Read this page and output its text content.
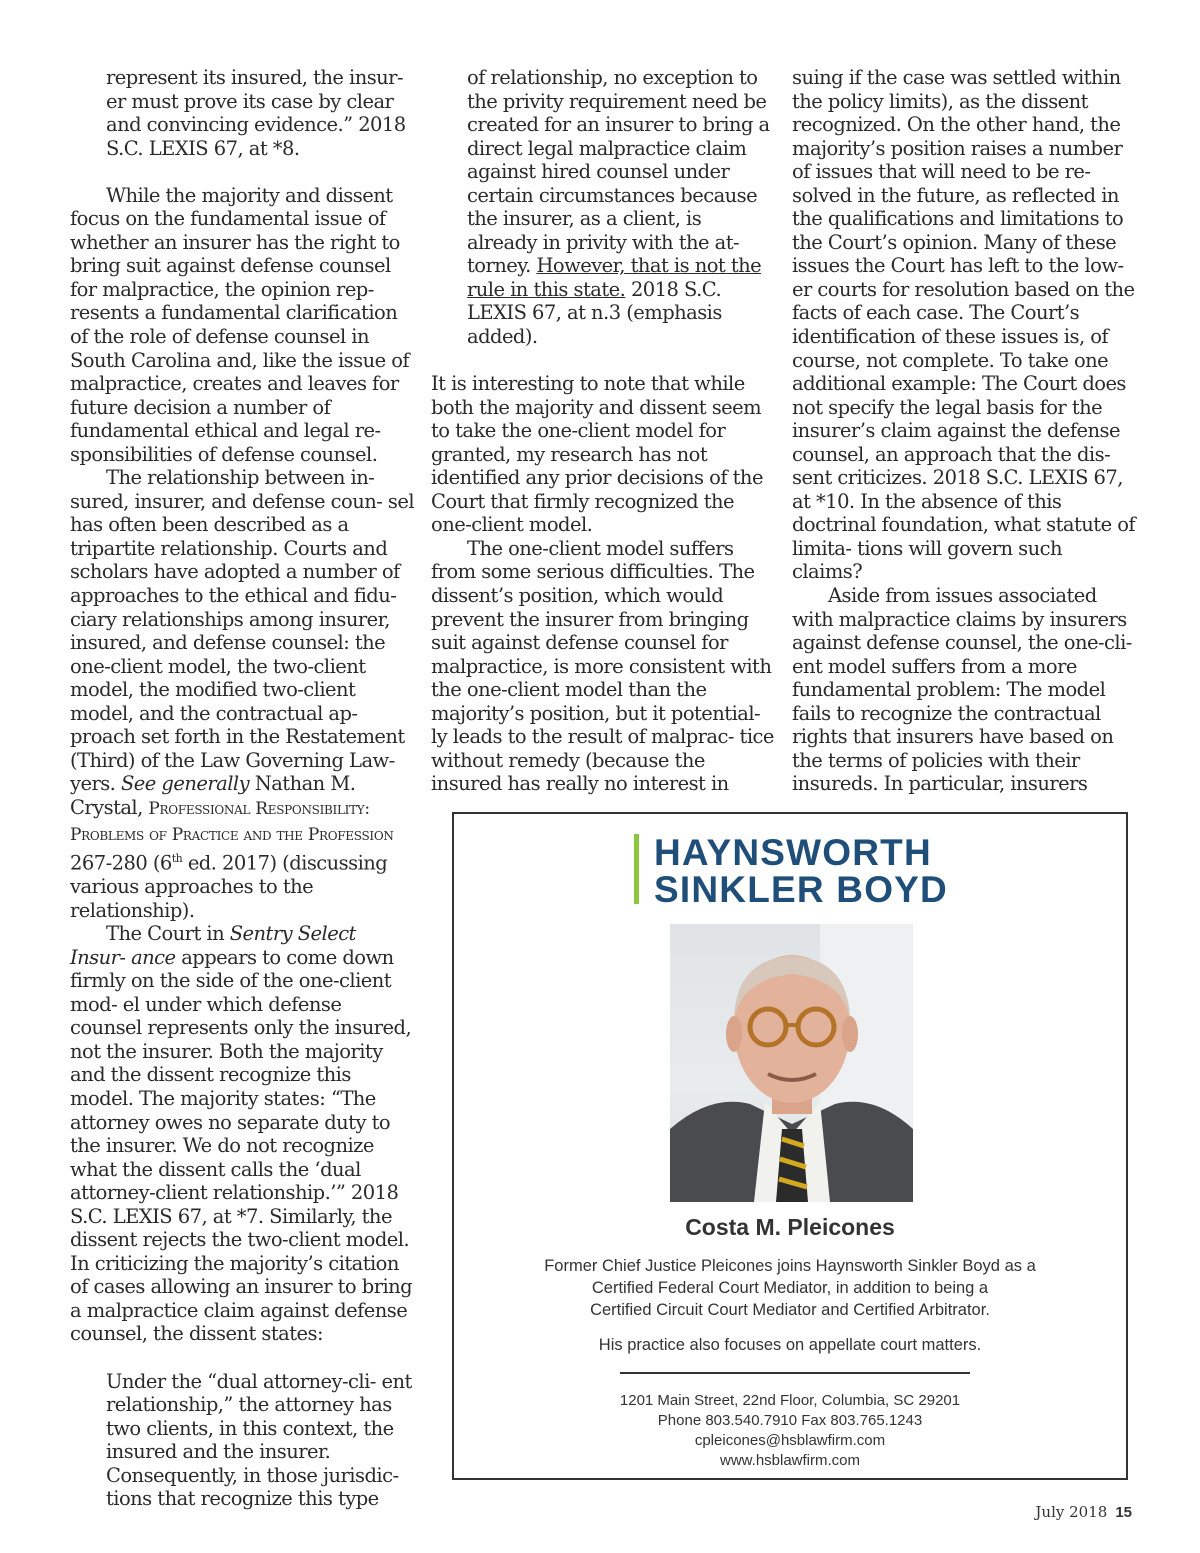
represent its insured, the insur- er must prove its case by clear and convincing evidence.” 2018 S.C. LEXIS 67, at *8.

While the majority and dissent focus on the fundamental issue of whether an insurer has the right to bring suit against defense counsel for malpractice, the opinion rep- resents a fundamental clarification of the role of defense counsel in South Carolina and, like the issue of malpractice, creates and leaves for future decision a number of fundamental ethical and legal re- sponsibilities of defense counsel.

The relationship between in- sured, insurer, and defense coun- sel has often been described as a tripartite relationship. Courts and scholars have adopted a number of approaches to the ethical and fidu- ciary relationships among insurer, insured, and defense counsel: the one-client model, the two-client model, the modified two-client model, and the contractual ap- proach set forth in the Restatement (Third) of the Law Governing Law- yers. See generally Nathan M. Crystal, Professional Responsibility: Problems of Practice and the Profession 267-280 (6th ed. 2017) (discussing various approaches to the relationship).

The Court in Sentry Select Insur- ance appears to come down firmly on the side of the one-client mod- el under which defense counsel represents only the insured, not the insurer. Both the majority and the dissent recognize this model. The majority states: “The attorney owes no separate duty to the insurer. We do not recognize what the dissent calls the ‘dual attorney-client relationship.’” 2018 S.C. LEXIS 67, at *7. Similarly, the dissent rejects the two-client model. In criticizing the majority’s citation of cases allowing an insurer to bring a malpractice claim against defense counsel, the dissent states:

Under the “dual attorney-cli- ent relationship,” the attorney has two clients, in this context, the insured and the insurer. Consequently, in those jurisdic- tions that recognize this type

of relationship, no exception to the privity requirement need be created for an insurer to bring a direct legal malpractice claim against hired counsel under certain circumstances because the insurer, as a client, is already in privity with the at- torney. However, that is not the rule in this state. 2018 S.C. LEXIS 67, at n.3 (emphasis added).

It is interesting to note that while both the majority and dissent seem to take the one-client model for granted, my research has not identified any prior decisions of the Court that firmly recognized the one-client model.

The one-client model suffers from some serious difficulties. The dissent’s position, which would prevent the insurer from bringing suit against defense counsel for malpractice, is more consistent with the one-client model than the majority’s position, but it potential- ly leads to the result of malprac- tice without remedy (because the insured has really no interest in

suing if the case was settled within the policy limits), as the dissent recognized. On the other hand, the majority’s position raises a number of issues that will need to be re- solved in the future, as reflected in the qualifications and limitations to the Court’s opinion. Many of these issues the Court has left to the low- er courts for resolution based on the facts of each case. The Court’s identification of these issues is, of course, not complete. To take one additional example: The Court does not specify the legal basis for the insurer’s claim against the defense counsel, an approach that the dis- sent criticizes. 2018 S.C. LEXIS 67, at *10. In the absence of this doctrinal foundation, what statute of limita- tions will govern such claims?

Aside from issues associated with malpractice claims by insurers against defense counsel, the one-cli- ent model suffers from a more fundamental problem: The model fails to recognize the contractual rights that insurers have based on the terms of policies with their insureds. In particular, insurers

HAYNSWORTH
SINKLER BOYD
Costa M. Pleicones
Former Chief Justice Pleicones joins Haynsworth Sinkler Boyd as a
Certified Federal Court Mediator, in addition to being a
Certified Circuit Court Mediator and Certified Arbitrator.
His practice also focuses on appellate court matters.
1201 Main Street, 22nd Floor, Columbia, SC 29201
Phone 803.540.7910 Fax 803.765.1243
cpleicones@hsblawfirm.com
www.hsblawfirm.com
July 2018 15
